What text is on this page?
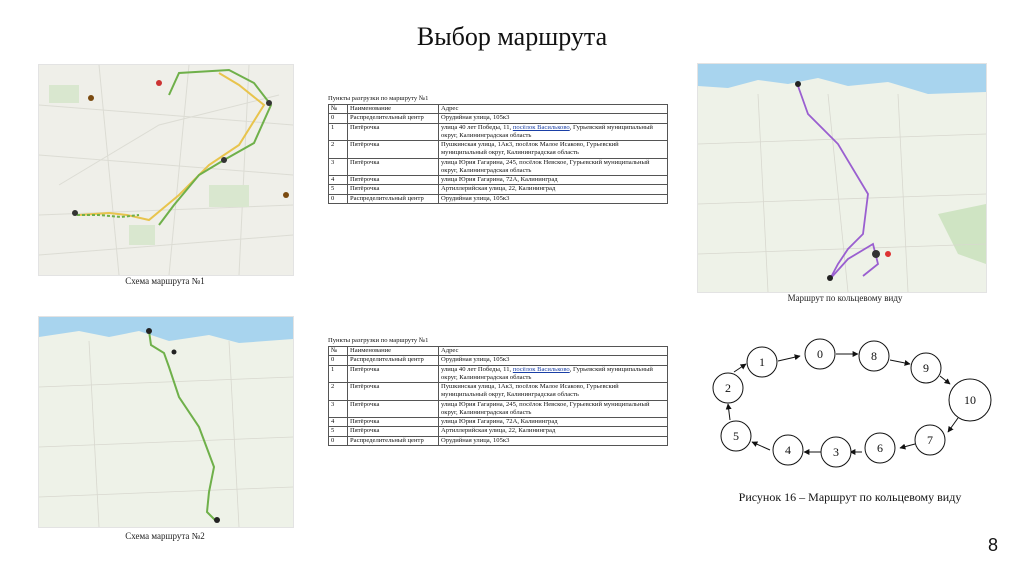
Выбор маршрута
Схема маршрута №1
Пункты разгрузки по маршруту №1
№	Наименование	Адрес
0	Распределительный центр	Орудийная улица, 105к3
1	Пятёрочка	улица 40 лет Победы, 11, посёлок Васильково, Гурьевский муниципальный округ, Калининградская область
2	Пятёрочка	Пушкинская улица, 1Ак3, посёлок Малое Исаково, Гурьевский муниципальный округ, Калининградская область
3	Пятёрочка	улица Юрия Гагарина, 245, посёлок Невское, Гурьевский муниципальный округ, Калининградская область
4	Пятёрочка	улица Юрия Гагарина, 72А, Калининград
5	Пятёрочка	Артиллерийская улица, 22, Калининград
0	Распределительный центр	Орудийная улица, 105к3
Маршрут по кольцевому виду
Схема маршрута №2
Пункты разгрузки по маршруту №1
№	Наименование	Адрес
0	Распределительный центр	Орудийная улица, 105к3
1	Пятёрочка	улица 40 лет Победы, 11, посёлок Васильково, Гурьевский муниципальный округ, Калининградская область
2	Пятёрочка	Пушкинская улица, 1Ак3, посёлок Малое Исаково, Гурьевский муниципальный округ, Калининградская область
3	Пятёрочка	улица Юрия Гагарина, 245, посёлок Невское, Гурьевский муниципальный округ, Калининградская область
4	Пятёрочка	улица Юрия Гагарина, 72А, Калининград
5	Пятёрочка	Артиллерийская улица, 22, Калининград
0	Распределительный центр	Орудийная улица, 105к3
1
0	8
9
10
7
6
3
4
5
2
Рисунок 16 – Маршрут по кольцевому виду
8
